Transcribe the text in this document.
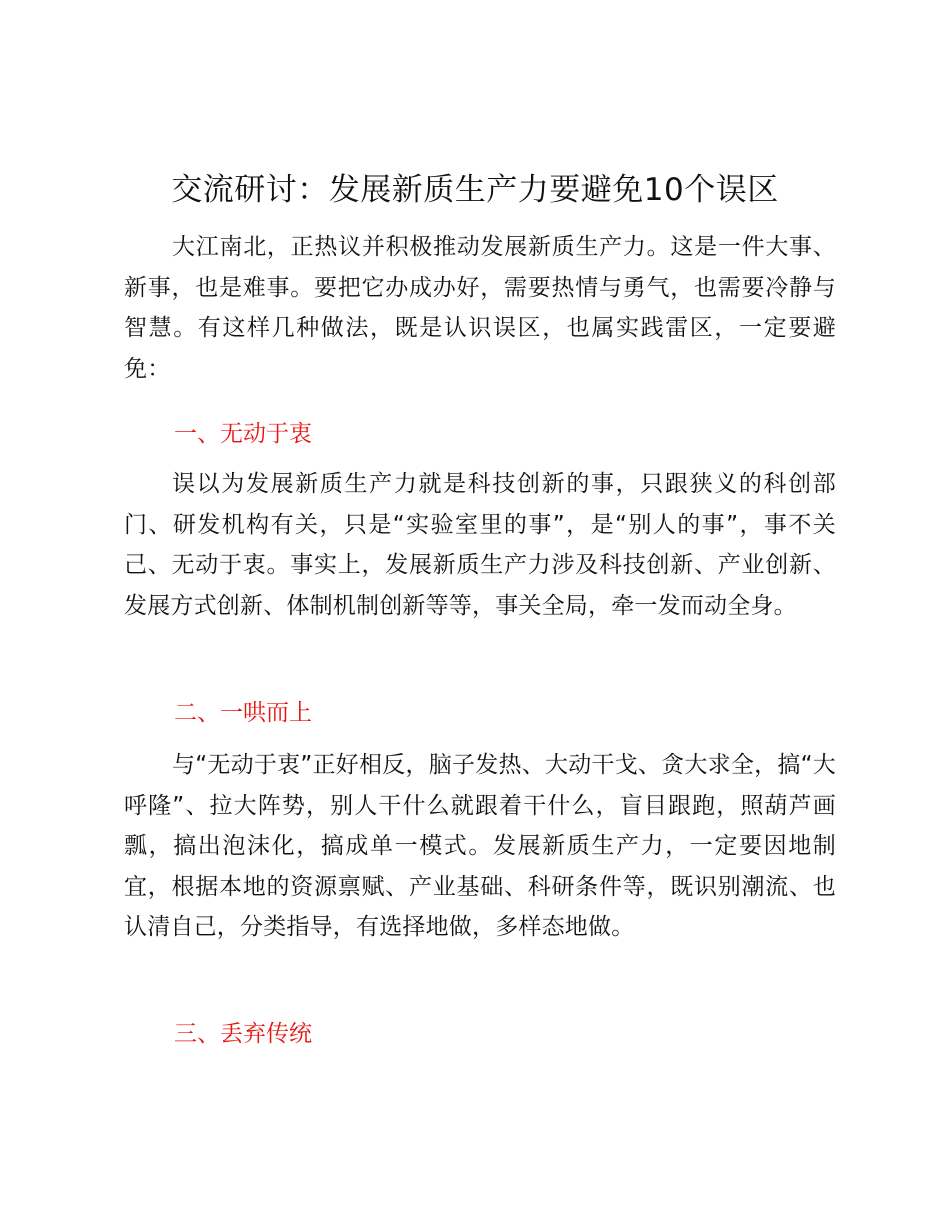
交流研讨：发展新质生产力要避免10个误区

大江南北，正热议并积极推动发展新质生产力。这是一件大事、新事，也是难事。要把它办成办好，需要热情与勇气，也需要冷静与智慧。有这样几种做法，既是认识误区，也属实践雷区，一定要避免：

一、无动于衷

误以为发展新质生产力就是科技创新的事，只跟狭义的科创部门、研发机构有关，只是“实验室里的事”，是“别人的事”，事不关己、无动于衷。事实上，发展新质生产力涉及科技创新、产业创新、发展方式创新、体制机制创新等等，事关全局，牵一发而动全身。

二、一哄而上

与“无动于衷”正好相反，脑子发热、大动干戈、贪大求全，搞“大呼隆”、拉大阵势，别人干什么就跟着干什么，盲目跟跑，照葫芦画瓢，搞出泡沫化，搞成单一模式。发展新质生产力，一定要因地制宜，根据本地的资源禀赋、产业基础、科研条件等，既识别潮流、也认清自己，分类指导，有选择地做，多样态地做。

三、丢弃传统
